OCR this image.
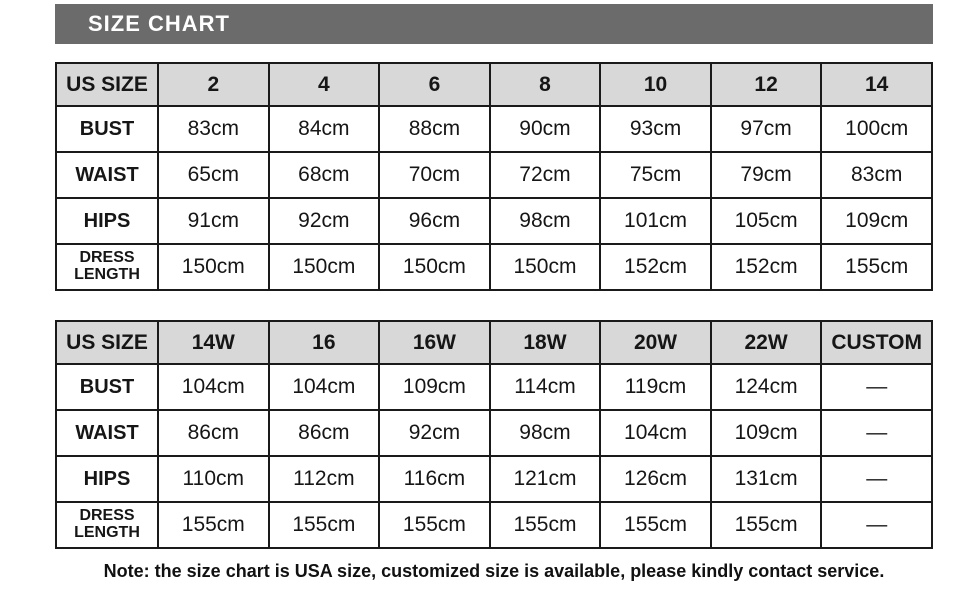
SIZE CHART
US SIZE	2	4	6	8	10	12	14
BUST	83cm	84cm	88cm	90cm	93cm	97cm	100cm
WAIST	65cm	68cm	70cm	72cm	75cm	79cm	83cm
HIPS	91cm	92cm	96cm	98cm	101cm	105cm	109cm
DRESS LENGTH	150cm	150cm	150cm	150cm	152cm	152cm	155cm
US SIZE	14W	16	16W	18W	20W	22W	CUSTOM
BUST	104cm	104cm	109cm	114cm	119cm	124cm	—
WAIST	86cm	86cm	92cm	98cm	104cm	109cm	—
HIPS	110cm	112cm	116cm	121cm	126cm	131cm	—
DRESS LENGTH	155cm	155cm	155cm	155cm	155cm	155cm	—
Note: the size chart is USA size, customized size is available, please kindly contact service.
